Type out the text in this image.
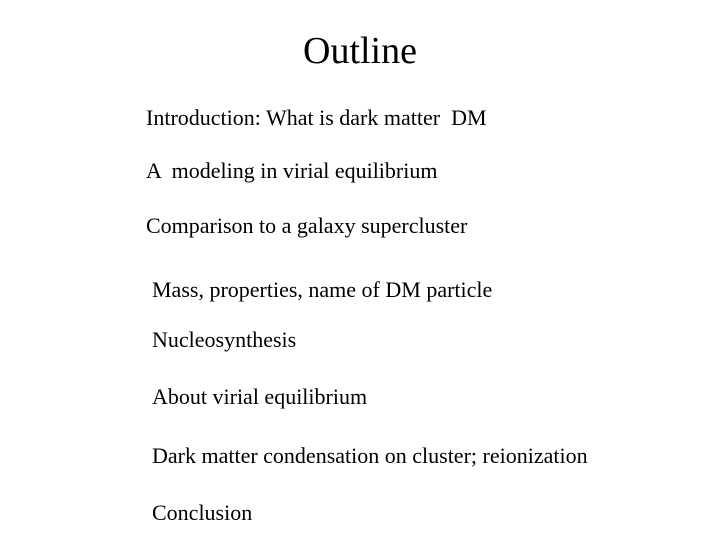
Outline
Introduction: What is dark matter  DM
A  modeling in virial equilibrium
Comparison to a galaxy supercluster
Mass, properties, name of DM particle
Nucleosynthesis
About virial equilibrium
Dark matter condensation on cluster; reionization
Conclusion
